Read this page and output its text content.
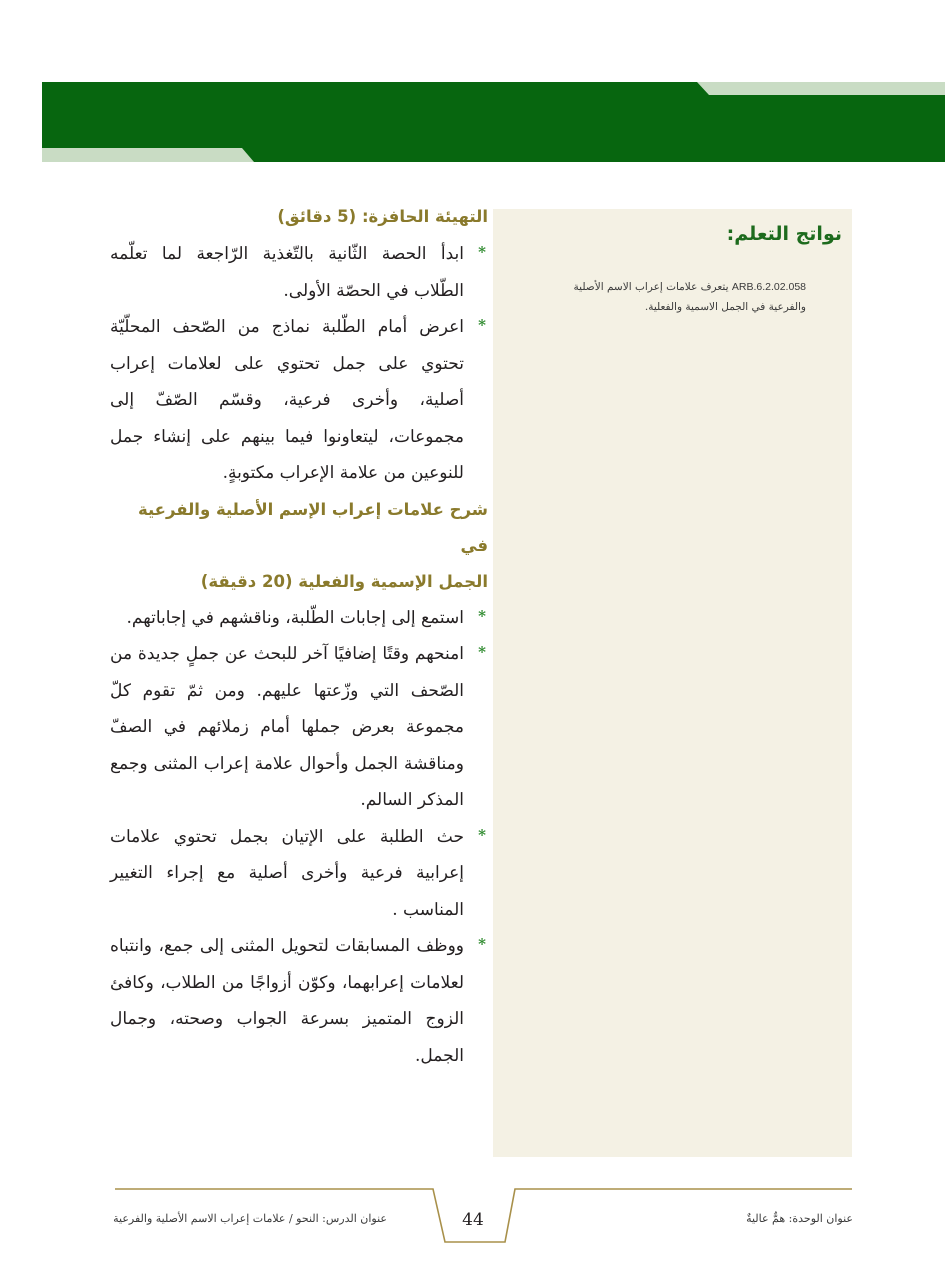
نواتج التعلم:

ARB.6.2.02.058 يتعرف علامات إعراب الاسم الأصلية والفرعية في الجمل الاسمية والفعلية.

التهيئة الحافزة: (5 دقائق)
*
ابدأ الحصة الثّانية بالتّغذية الرّاجعة لما تعلّمه الطّلاب في الحصّة الأولى.
*
اعرض أمام الطّلبة نماذج من الصّحف المحلّيّة تحتوي على جمل تحتوي على لعلامات إعراب أصلية، وأخرى فرعية، وقسّم الصّفّ إلى مجموعات، ليتعاونوا فيما بينهم على إنشاء جمل للنوعين من علامة الإعراب مكتوبةٍ.
شرح علامات إعراب الإسم الأصلية والفرعية في
الجمل الإسمية والفعلية (20 دقيقة)
*
استمع إلى إجابات الطّلبة، وناقشهم في إجاباتهم.
*
امنحهم وقتًا إضافيًا آخر للبحث عن جملٍ جديدة من الصّحف التي وزّعتها عليهم. ومن ثمّ تقوم كلّ مجموعة بعرض جملها أمام زملائهم في الصفّ ومناقشة الجمل وأحوال علامة إعراب المثنى وجمع المذكر السالم.
*
حث الطلبة على الإتيان بجمل تحتوي علامات إعرابية فرعية وأخرى أصلية مع إجراء التغيير المناسب .
*
ووظف المسابقات لتحويل المثنى إلى جمع، وانتباه لعلامات إعرابهما، وكوّن أزواجًا من الطلاب، وكافئ الزوج المتميز بسرعة الجواب وصحته، وجمال الجمل.
44	عنوان الوحدة: همٌّ عاليةٌ
عنوان الدرس: النحو / علامات إعراب الاسم الأصلية والفرعية
